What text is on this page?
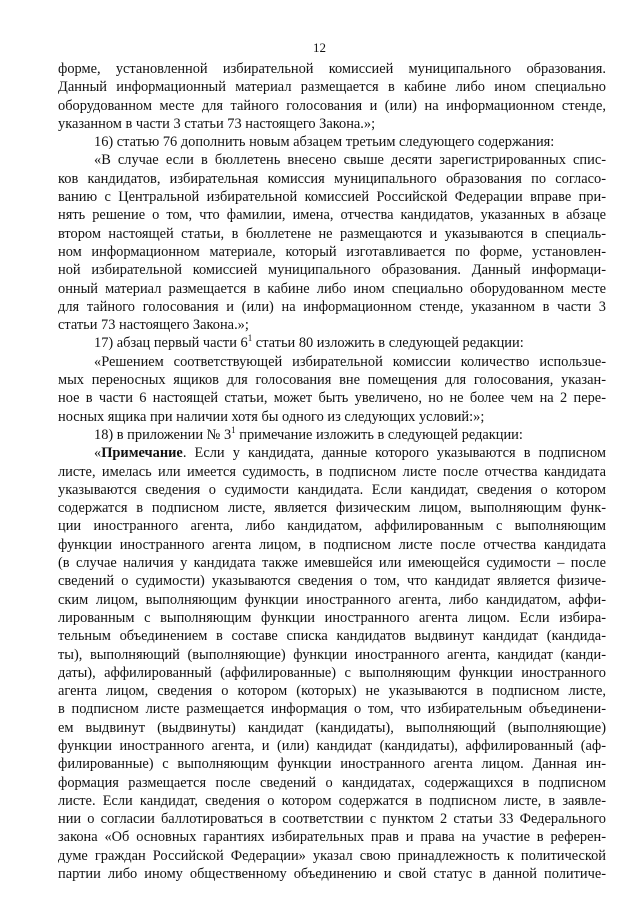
12
форме, установленной избирательной комиссией муниципального образования.
Данный информационный материал размещается в кабине либо ином специально
оборудованном месте для тайного голосования и (или) на информационном стенде,
указанном в части 3 статьи 73 настоящего Закона.»;
16) статью 76 дополнить новым абзацем третьим следующего содержания:
«В случае если в бюллетень внесено свыше десяти зарегистрированных спис-
ков кандидатов, избирательная комиссия муниципального образования по согласо-
ванию с Центральной избирательной комиссией Российской Федерации вправе при-
нять решение о том, что фамилии, имена, отчества кандидатов, указанных в абзаце
втором настоящей статьи, в бюллетене не размещаются и указываются в специаль-
ном информационном материале, который изготавливается по форме, установлен-
ной избирательной комиссией муниципального образования. Данный информаци-
онный материал размещается в кабине либо ином специально оборудованном месте
для тайного голосования и (или) на информационном стенде, указанном в части 3
статьи 73 настоящего Закона.»;
17) абзац первый части $6^1$ статьи 80 изложить в следующей редакции:
«Решением соответствующей избирательной комиссии количество использue-
мых переносных ящиков для голосования вне помещения для голосования, указан-
ное в части 6 настоящей статьи, может быть увеличено, но не более чем на 2 пере-
носных ящика при наличии хотя бы одного из следующих условий:»;
18) в приложении № $3^1$ примечание изложить в следующей редакции:
«Примечание. Если у кандидата, данные которого указываются в подписном
листе, имелась или имеется судимость, в подписном листе после отчества кандидата
указываются сведения о судимости кандидата. Если кандидат, сведения о котором
содержатся в подписном листе, является физическим лицом, выполняющим функ-
ции иностранного агента, либо кандидатом, аффилированным с выполняющим
функции иностранного агента лицом, в подписном листе после отчества кандидата
(в случае наличия у кандидата также имевшейся или имеющейся судимости – после
сведений о судимости) указываются сведения о том, что кандидат является физиче-
ским лицом, выполняющим функции иностранного агента, либо кандидатом, аффи-
лированным с выполняющим функции иностранного агента лицом. Если избира-
тельным объединением в составе списка кандидатов выдвинут кандидат (кандида-
ты), выполняющий (выполняющие) функции иностранного агента, кандидат (канди-
даты), аффилированный (аффилированные) с выполняющим функции иностранного
агента лицом, сведения о котором (которых) не указываются в подписном листе,
в подписном листе размещается информация о том, что избирательным объединени-
ем выдвинут (выдвинуты) кандидат (кандидаты), выполняющий (выполняющие)
функции иностранного агента, и (или) кандидат (кандидаты), аффилированный (аф-
филированные) с выполняющим функции иностранного агента лицом. Данная ин-
формация размещается после сведений о кандидатах, содержащихся в подписном
листе. Если кандидат, сведения о котором содержатся в подписном листе, в заявле-
нии о согласии баллотироваться в соответствии с пунктом 2 статьи 33 Федерального
закона «Об основных гарантиях избирательных прав и права на участие в референ-
думе граждан Российской Федерации» указал свою принадлежность к политической
партии либо иному общественному объединению и свой статус в данной политиче-
